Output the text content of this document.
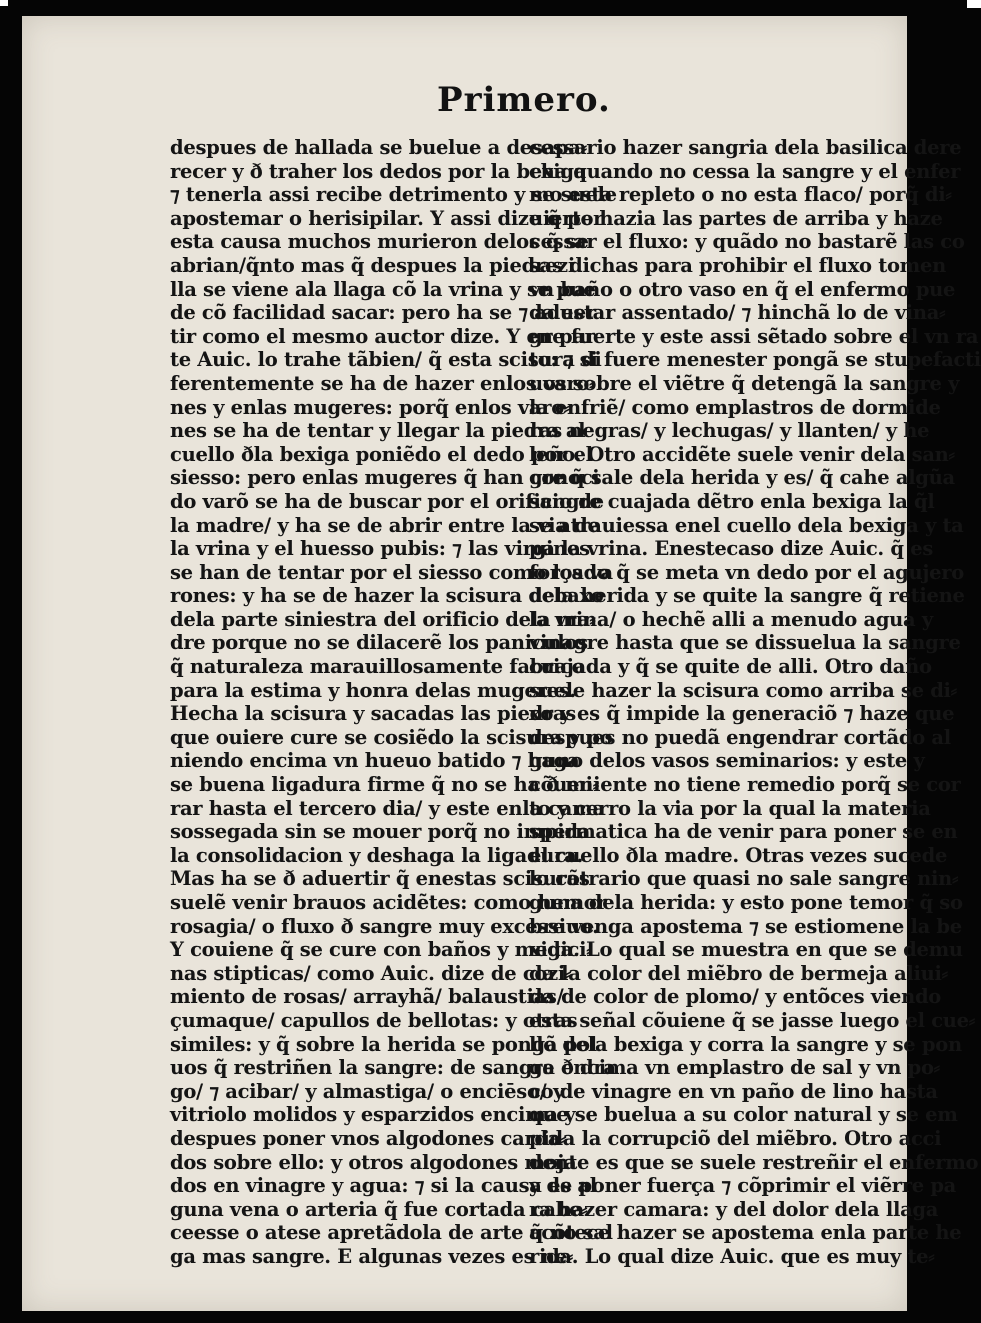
Primero.
despues de hallada se buelue a desapa⸗
recer y ð traher los dedos por la bexiga
⁊ tenerla assi recibe detrimento y se suele
apostemar o herisipilar. Y assi dize q̃ por
esta causa muchos murieron delos q̃ se
abrian/q̃nto mas q̃ despues la piedrezi
lla se viene ala llaga cõ la vrina y se pue
de cõ facilidad sacar: pero ha se ⁊ aduer
tir como el mesmo auctor dize. Y en par
te Auic. lo trahe tãbien/ q̃ esta scisura di
ferentemente se ha de hazer enlos varo⸗
nes y enlas mugeres: porq̃ enlos varo⸗
nes se ha de tentar y llegar la piedra al
cuello ðla bexiga poniẽdo el dedo por el
siesso: pero enlas mugeres q̃ han conoci
do varõ se ha de buscar por el orificio de
la madre/ y ha se de abrir entre la via de
la vrina y el huesso pubis: ⁊ las virgines
se han de tentar por el siesso como los va
rones: y ha se de hazer la scisura debaxo
dela parte siniestra del orificio dela ma⸗
dre porque no se dilacerẽ los paniculos
q̃ naturaleza marauillosamente fabrico
para la estima y honra delas mugeres.
Hecha la scisura y sacadas las piedras
que ouiere cure se cosiẽdo la scisura y po
niendo encima vn hueuo batido ⁊ haga
se buena ligadura firme q̃ no se ha ð mi⸗
rar hasta el tercero dia/ y este enla cama
sossegada sin se mouer porq̃ no impida
la consolidacion y deshaga la ligadura.
Mas ha se ð aduertir q̃ enestas scisuras
suelẽ venir brauos acidẽtes: como hemor
rosagia/ o fluxo ð sangre muy excessiuo.
Y couiene q̃ se cure con baños y medici⸗
nas stipticas/ como Auic. dize de cozi⸗
miento de rosas/ arrayhã/ balaustias/
çumaque/ capullos de bellotas: y otras
similes: y q̃ sobre la herida se pongã pol
uos q̃ restriñen la sangre: de sangre ð dra
go/ ⁊ acibar/ y almastiga/ o enciēso/ y
vitriolo molidos y esparzidos encima y
despues poner vnos algodones carda⸗
dos sobre ello: y otros algodones moja
dos en vinagre y agua: ⁊ si la causa es al
guna vena o arteria q̃ fue cortada cabe⸗
ceesse o atese apretãdola de arte q̃ no sal
ga mas sangre. E algunas vezes es ne⸗
cessario hazer sangria dela basilica dere
cha quando no cessa la sangre y el enfer
mo esta repleto o no esta flaco/ porq̃ di⸗
uierte hazia las partes de arriba y haze
cessar el fluxo: y quãdo no bastarẽ las co
sas dichas para prohibir el fluxo tomen
vn baño o otro vaso en q̃ el enfermo pue
da estar assentado/ ⁊ hinchã lo de vina⸗
gre fuerte y este assi sẽtado sobre el vn ra
to: ⁊ si fuere menester pongã se stupefacti
uos sobre el viẽtre q̃ detengã la sangre y
la enfriẽ/ como emplastros de dormide
ras negras/ y lechugas/ y llanten/ y he
leño. Otro accidẽte suele venir dela san⸗
gre q̃ sale dela herida y es/ q̃ cahe algũa
sangre cuajada dẽtro enla bexiga la q̃l
se atrauiessa enel cuello dela bexiga y ta
pa la vrina. Enestecaso dize Auic. q̃ es
forçado q̃ se meta vn dedo por el agujero
dela herida y se quite la sangre q̃ retiene
la vrina/ o hechẽ alli a menudo agua y
vinagre hasta que se dissuelua la sangre
cuajada y q̃ se quite de alli. Otro daño
suele hazer la scisura como arriba se di⸗
xo y es q̃ impide la generaciõ ⁊ haze que
despues no puedã engendrar cortãdo al
guno delos vasos seminarios: y este y
cõueniente no tiene remedio porq̃ se cor
to y cerro la via por la qual la materia
spermatica ha de venir para poner se en
el cuello ðla madre. Otras vezes sucede
lo cõtrario que quasi no sale sangre nin⸗
guna dela herida: y esto pone temor q̃ so
bre venga apostema ⁊ se estiomene la be
xiga. Lo qual se muestra en que se demu
da la color del miẽbro de bermeja aliui⸗
da de color de plomo/ y entõces viendo
esta señal cõuiene q̃ se jasse luego el cue⸗
llo dela bexiga y corra la sangre y se pon
ga encima vn emplastro de sal y vn po⸗
co de vinagre en vn paño de lino hasta
que se buelua a su color natural y se em
pida la corrupciõ del miẽbro. Otro acci
dente es que se suele restreñir el enfermo
y de poner fuerça ⁊ cõprimir el viẽrre pa
ra hazer camara: y del dolor dela llaga
acõtece hazer se apostema enla parte he
rida. Lo qual dize Auic. que es muy te⸗
